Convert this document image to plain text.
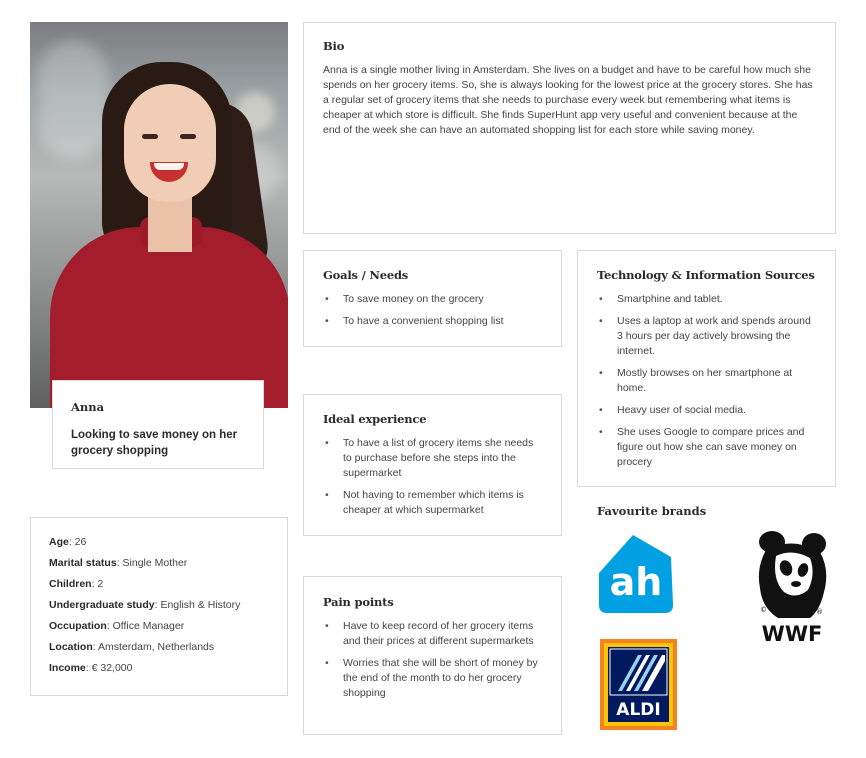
Anna
Looking to save money on her grocery shopping
Age: 26
Marital status: Single Mother
Children: 2
Undergraduate study: English & History
Occupation: Office Manager
Location: Amsterdam, Netherlands
Income: € 32,000
Bio

Anna is a single mother living in Amsterdam. She lives on a budget and have to be careful how much she spends on her grocery items. So, she is always looking for the lowest price at the grocery stores. She has a regular set of grocery items that she needs to purchase every week but remembering what items is cheaper at which store is difficult. She finds SuperHunt app very useful and convenient because at the end of the week she can have an automated shopping list for each store while saving money.

Goals / Needs
• To save money on the grocery
• To have a convenient shopping list
Technology & Information Sources
• Smartphine and tablet.
• Uses a laptop at work and spends around 3 hours per day actively browsing the internet.
• Mostly browses on her smartphone at home.
• Heavy user of social media.
• She uses Google to compare prices and figure out how she can save money on procery
Ideal experience
• To have a list of grocery items she needs to purchase before she steps into the supermarket
• Not having to remember which items is cheaper at which supermarket
Pain points
• Have to keep record of her grocery items and their prices at different supermarkets
• Worries that she will be short of money by the end of the month to do her grocery shopping
Favourite brands
ah
©	®
WWF
ALDI
